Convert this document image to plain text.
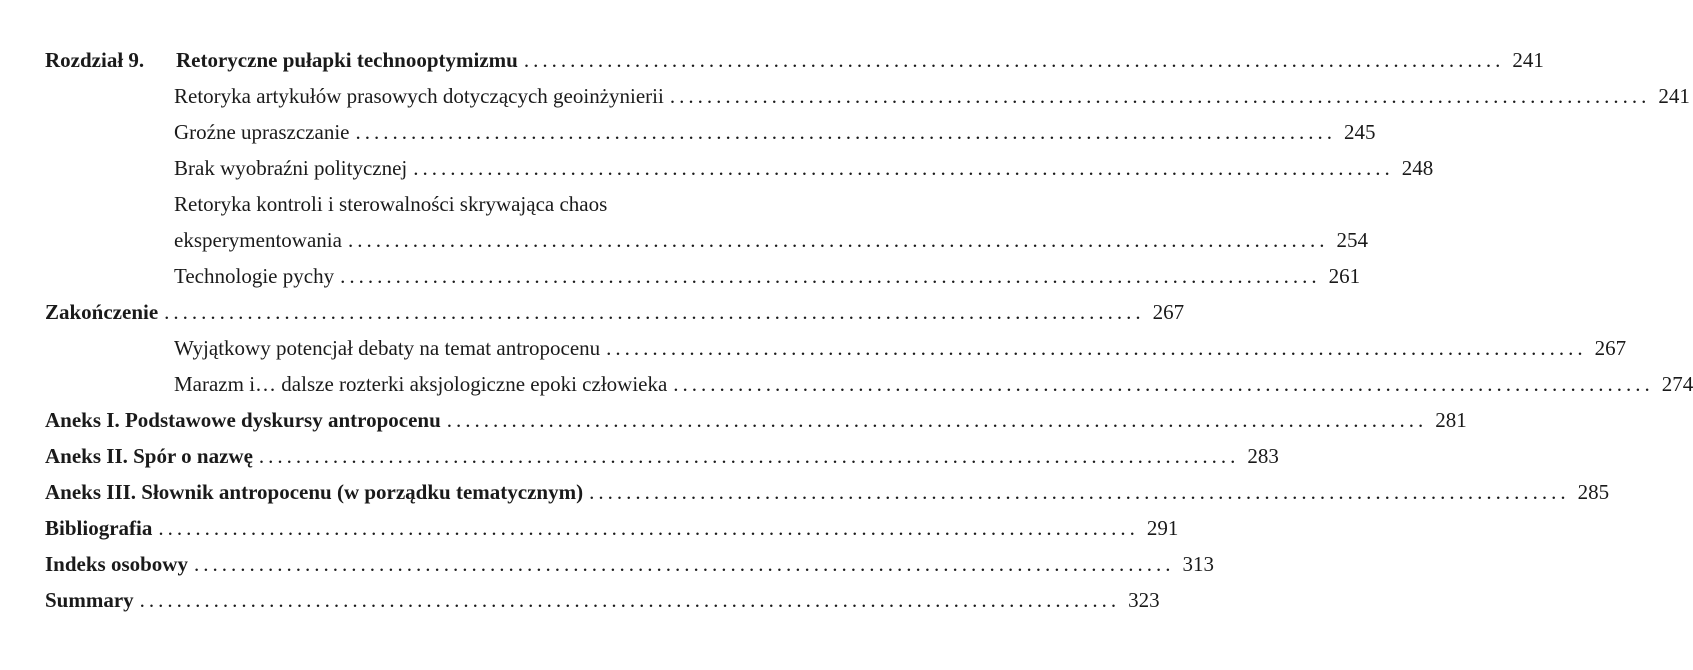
Rozdział 9. Retoryczne pułapki technooptymizmu .......................................................................................................... 241
Retoryka artykułów prasowych dotyczących geoinżynierii .......................................................................................................... 241
Groźne upraszczanie .......................................................................................................... 245
Brak wyobraźni politycznej .......................................................................................................... 248
Retoryka kontroli i sterowalności skrywająca chaos
eksperymentowania .......................................................................................................... 254
Technologie pychy .......................................................................................................... 261
Zakończenie .......................................................................................................... 267
Wyjątkowy potencjał debaty na temat antropocenu .......................................................................................................... 267
Marazm i… dalsze rozterki aksjologiczne epoki człowieka .......................................................................................................... 274
Aneks I. Podstawowe dyskursy antropocenu .......................................................................................................... 281
Aneks II. Spór o nazwę .......................................................................................................... 283
Aneks III. Słownik antropocenu (w porządku tematycznym) .......................................................................................................... 285
Bibliografia .......................................................................................................... 291
Indeks osobowy .......................................................................................................... 313
Summary .......................................................................................................... 323
